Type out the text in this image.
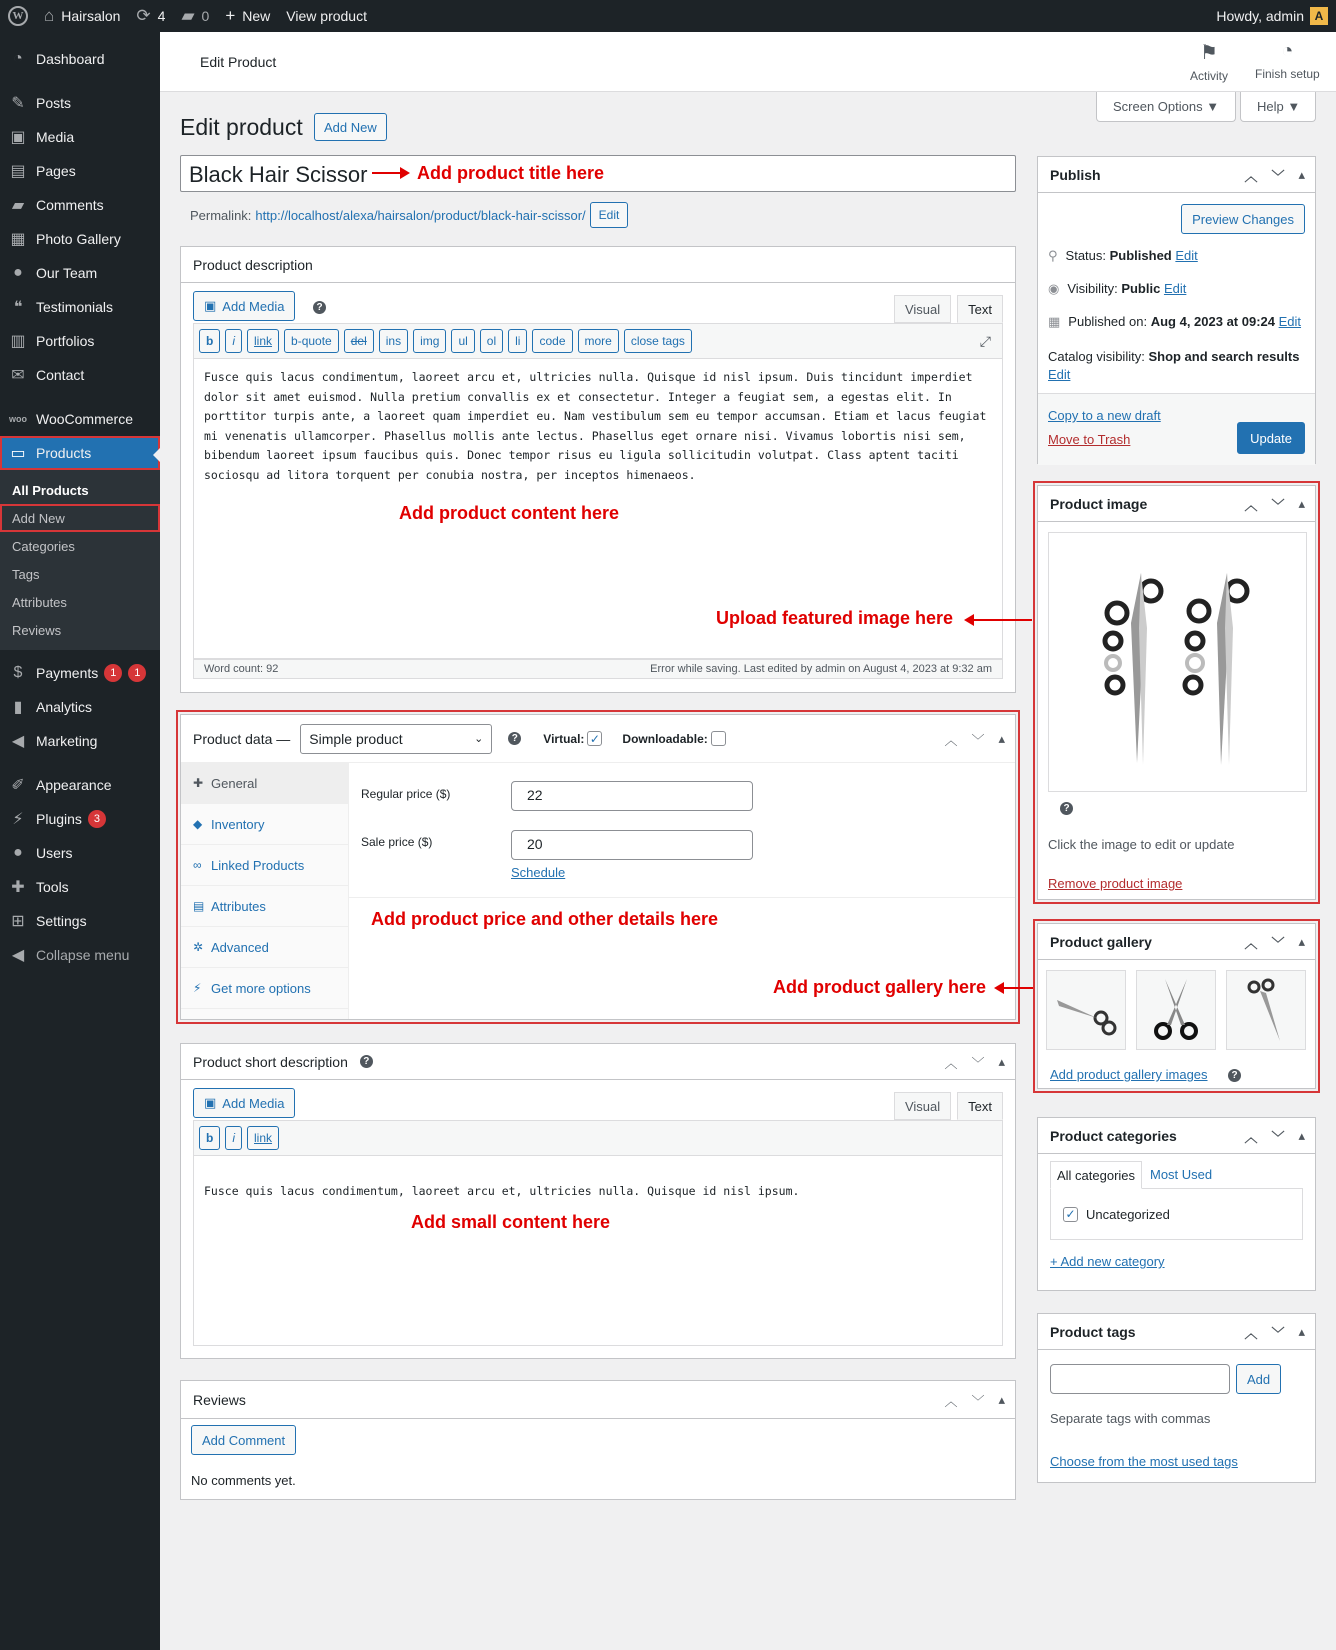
W ⌂ Hairsalon ⟳ 4 ▰ 0 + New View product	Howdy, admin A
◔ Dashboard
✎ Posts
▣ Media
▤ Pages
▰ Comments
▦ Photo Gallery
● Our Team
❝ Testimonials
▥ Portfolios
✉ Contact
woo WooCommerce
▭ Products
All Products
Add New
Categories
Tags
Attributes
Reviews
$ Payments	1	1
▮ Analytics
◀ Marketing
✐ Appearance
⚡ Plugins	3
● Users
✚ Tools
⊞ Settings
◀ Collapse menu
Edit Product	⚑
Activity
◔
Finish setup
Screen Options ▼	Help ▼
Edit product	Add New
Black Hair Scissor	Add product title here
Permalink: http://localhost/alexa/hairsalon/product/black-hair-scissor/	Edit
Product description
▣ Add Media	?	Visual	Text
b	i	link	b-quote	del	ins	img	ul	ol	li	code	more	close tags	⤢
Fusce quis lacus condimentum, laoreet arcu et, ultricies nulla. Quisque id nisl ipsum. Duis tincidunt imperdiet dolor sit amet euismod. Nulla pretium convallis ex et consectetur. Integer a feugiat sem, a egestas elit. In porttitor turpis ante, a laoreet quam imperdiet eu. Nam vestibulum sem eu tempor accumsan. Etiam et lacus feugiat mi venenatis ullamcorper. Phasellus mollis ante lectus. Phasellus eget ornare nisi. Vivamus lobortis nisi sem, bibendum laoreet ipsum faucibus quis. Donec tempor risus eu ligula sollicitudin volutpat. Class aptent taciti sociosqu ad litora torquent per conubia nostra, per inceptos himenaeos.
Add product content here
Word count: 92	Error while saving. Last edited by admin on August 4, 2023 at 9:32 am
Product data — Simple product	⌄	? Virtual: ✓ Downloadable:	︿ ﹀ ▴
✚ General
◆ Inventory
∞ Linked Products
▤ Attributes
✲ Advanced
⚡ Get more options
Regular price ($)	22
Sale price ($)	20
Schedule
Add product price and other details here
Add product gallery here
Product short description	?	︿ ﹀ ▴
▣ Add Media	Visual	Text
b	i	link
Fusce quis lacus condimentum, laoreet arcu et, ultricies nulla. Quisque id nisl ipsum.
Add small content here
Reviews	︿ ﹀ ▴
Add Comment
No comments yet.
Publish	︿ ﹀ ▴
Preview Changes
⚲ Status: Published Edit
◉ Visibility: Public Edit
▦ Published on: Aug 4, 2023 at 09:24 Edit
Catalog visibility: Shop and search results
Edit
Copy to a new draft
Move to Trash	Update
Product image	︿ ﹀ ▴
?
Click the image to edit or update
Remove product image
Upload featured image here
Product gallery	︿ ﹀ ▴
Add product gallery images	?
Product categories	︿ ﹀ ▴
All categories	Most Used
✓ Uncategorized
+ Add new category
Product tags	︿ ﹀ ▴
Add
Separate tags with commas
Choose from the most used tags
